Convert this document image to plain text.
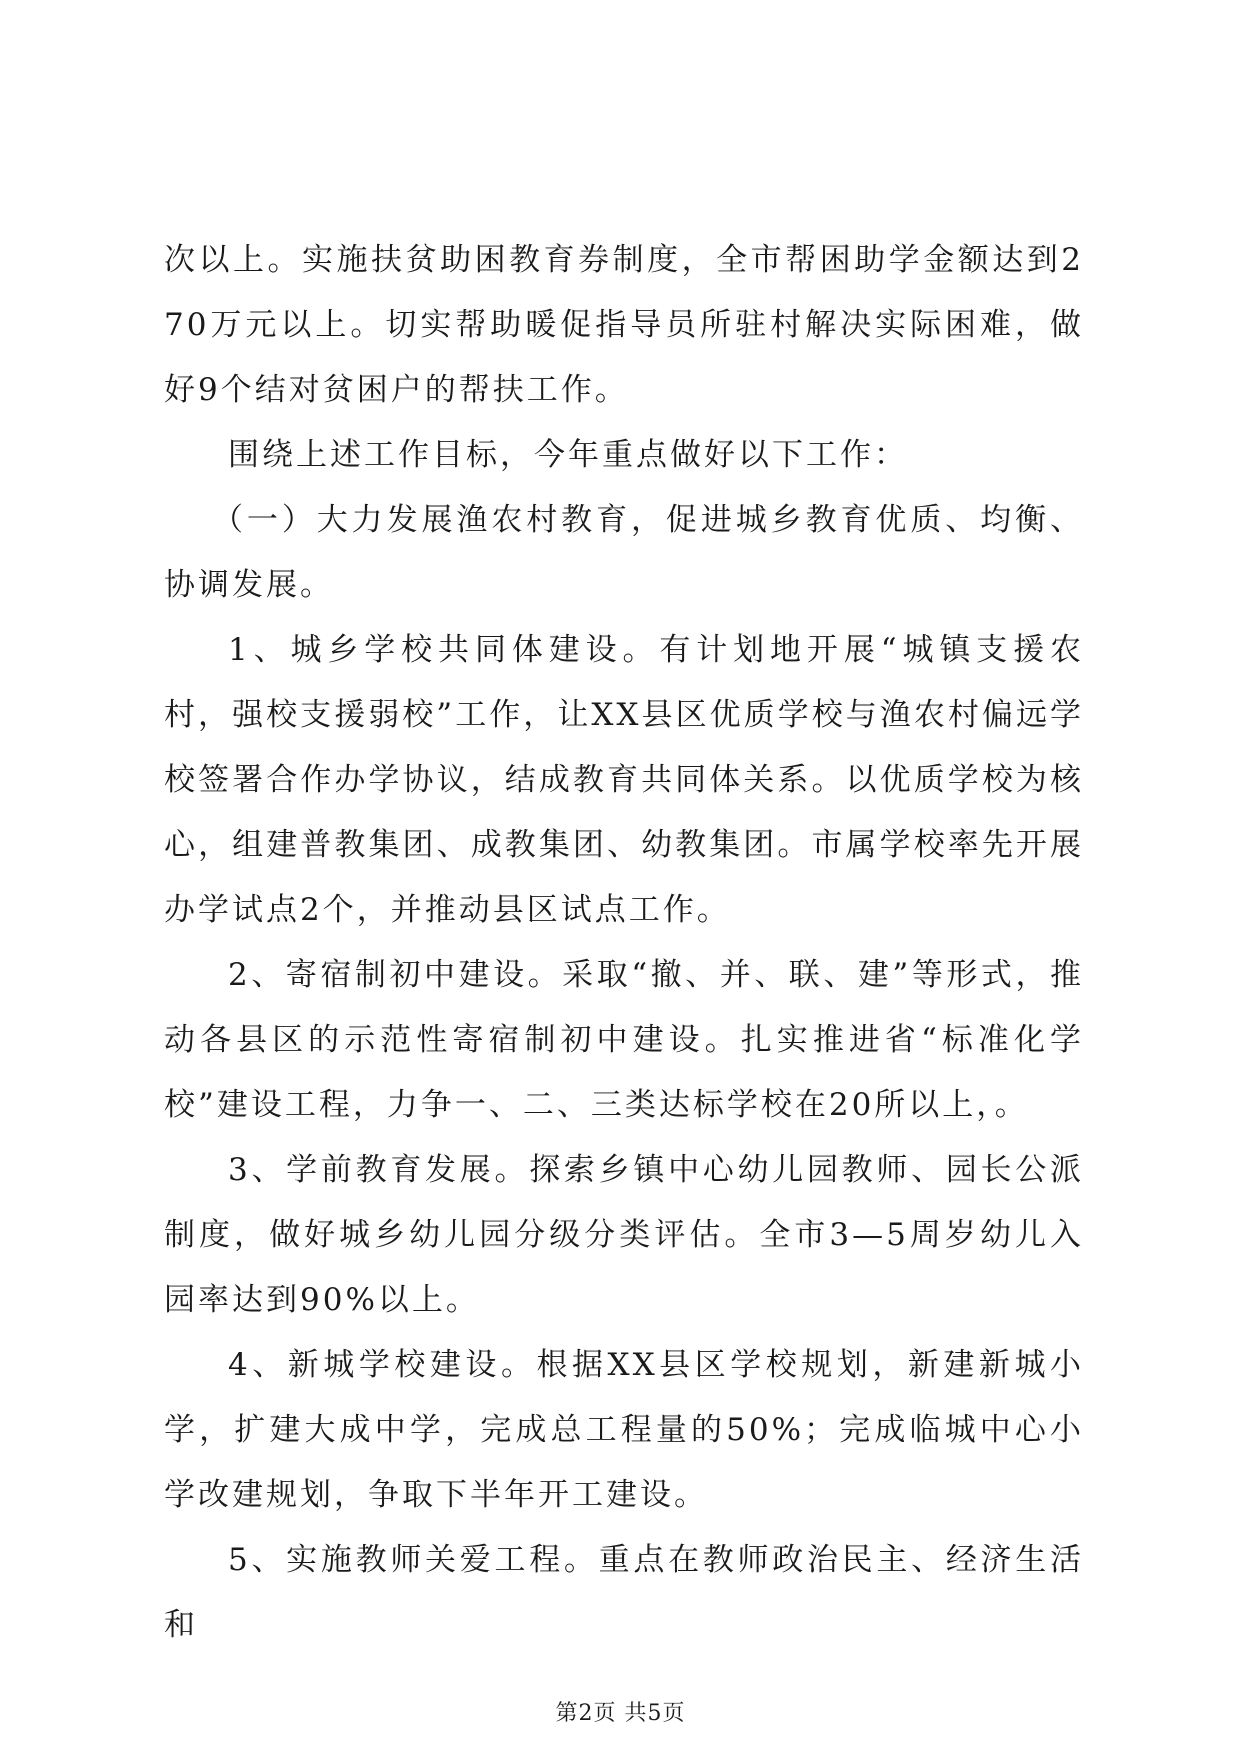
次以上。实施扶贫助困教育券制度，全市帮困助学金额达到270万元以上。切实帮助暖促指导员所驻村解决实际困难，做好9个结对贫困户的帮扶工作。

围绕上述工作目标，今年重点做好以下工作：

（一）大力发展渔农村教育，促进城乡教育优质、均衡、协调发展。

1、城乡学校共同体建设。有计划地开展“城镇支援农村，强校支援弱校”工作，让XX县区优质学校与渔农村偏远学校签署合作办学协议，结成教育共同体关系。以优质学校为核心，组建普教集团、成教集团、幼教集团。市属学校率先开展办学试点2个，并推动县区试点工作。

2、寄宿制初中建设。采取“撤、并、联、建”等形式，推动各县区的示范性寄宿制初中建设。扎实推进省“标准化学校”建设工程，力争一、二、三类达标学校在20所以上，。

3、学前教育发展。探索乡镇中心幼儿园教师、园长公派制度，做好城乡幼儿园分级分类评估。全市3—5周岁幼儿入园率达到90%以上。

4、新城学校建设。根据XX县区学校规划，新建新城小学，扩建大成中学，完成总工程量的50%；完成临城中心小学改建规划，争取下半年开工建设。

5、实施教师关爱工程。重点在教师政治民主、经济生活和

第2页 共5页
